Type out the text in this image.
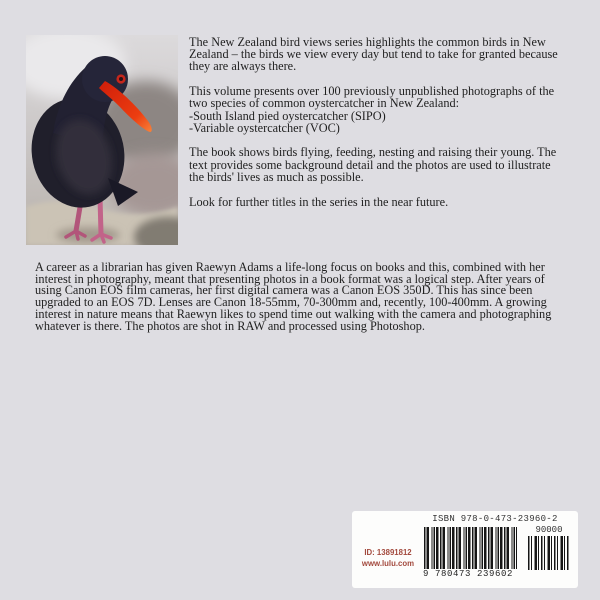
The New Zealand bird views series highlights the common birds in New Zealand – the birds we view every day but tend to take for granted because they are always there.

This volume presents over 100 previously unpublished photographs of the two species of common oystercatcher in New Zealand:

-South Island pied oystercatcher (SIPO)
-Variable oystercatcher (VOC)

The book shows birds flying, feeding, nesting and raising their young. The text provides some background detail and the photos are used to illustrate the birds' lives as much as possible.

Look for further titles in the series in the near future.

A career as a librarian has given Raewyn Adams a life-long focus on books and this, combined with her interest in photography, meant that presenting photos in a book format was a logical step. After years of using Canon EOS film cameras, her first digital camera was a Canon EOS 350D. This has since been upgraded to an EOS 7D. Lenses are Canon 18-55mm, 70-300mm and, recently, 100-400mm. A growing interest in nature means that Raewyn likes to spend time out walking with the camera and photographing whatever is there. The photos are shot in RAW and processed using Photoshop.

ISBN 978-0-473-23960-2
ID: 13891812
www.lulu.com
9 780473 239602
90000
